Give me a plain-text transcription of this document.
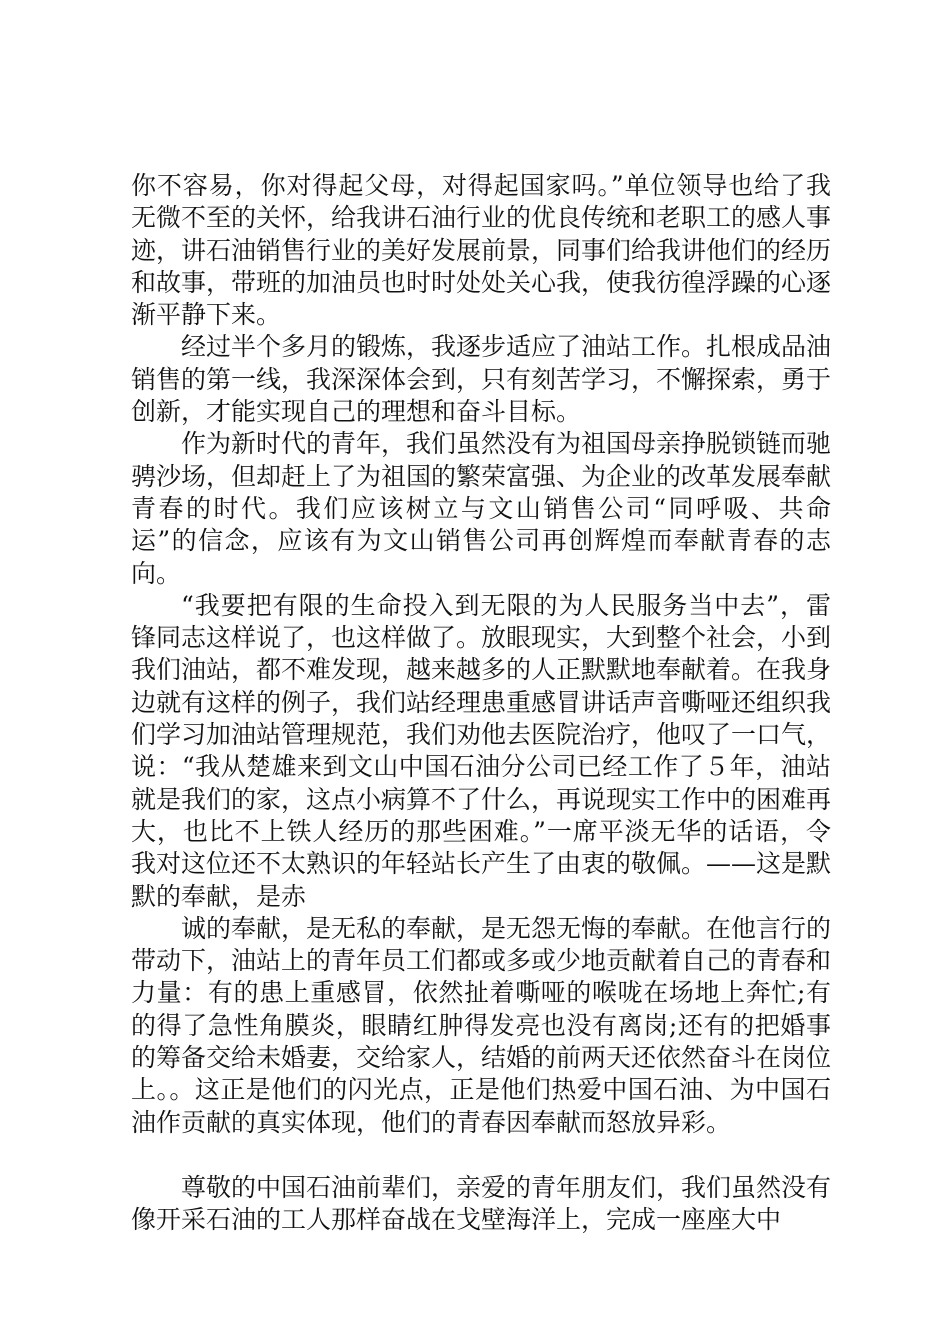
你不容易，你对得起父母，对得起国家吗。”单位领导也给了我无微不至的关怀，给我讲石油行业的优良传统和老职工的感人事迹，讲石油销售行业的美好发展前景，同事们给我讲他们的经历和故事，带班的加油员也时时处处关心我，使我彷徨浮躁的心逐渐平静下来。

经过半个多月的锻炼，我逐步适应了油站工作。扎根成品油销售的第一线，我深深体会到，只有刻苦学习，不懈探索，勇于创新，才能实现自己的理想和奋斗目标。

作为新时代的青年，我们虽然没有为祖国母亲挣脱锁链而驰骋沙场，但却赶上了为祖国的繁荣富强、为企业的改革发展奉献青春的时代。我们应该树立与文山销售公司“同呼吸、共命运”的信念，应该有为文山销售公司再创辉煌而奉献青春的志向。

“我要把有限的生命投入到无限的为人民服务当中去”，雷锋同志这样说了，也这样做了。放眼现实，大到整个社会，小到我们油站，都不难发现，越来越多的人正默默地奉献着。在我身边就有这样的例子，我们站经理患重感冒讲话声音嘶哑还组织我们学习加油站管理规范，我们劝他去医院治疗，他叹了一口气，说：“我从楚雄来到文山中国石油分公司已经工作了５年，油站就是我们的家，这点小病算不了什么，再说现实工作中的困难再大，也比不上铁人经历的那些困难。”一席平淡无华的话语，令我对这位还不太熟识的年轻站长产生了由衷的敬佩。——这是默默的奉献，是赤

诚的奉献，是无私的奉献，是无怨无悔的奉献。在他言行的带动下，油站上的青年员工们都或多或少地贡献着自己的青春和力量：有的患上重感冒，依然扯着嘶哑的喉咙在场地上奔忙;有的得了急性角膜炎，眼睛红肿得发亮也没有离岗;还有的把婚事的筹备交给未婚妻，交给家人，结婚的前两天还依然奋斗在岗位上。。这正是他们的闪光点，正是他们热爱中国石油、为中国石油作贡献的真实体现，他们的青春因奉献而怒放异彩。

尊敬的中国石油前辈们，亲爱的青年朋友们，我们虽然没有像开采石油的工人那样奋战在戈壁海洋上，完成一座座大中
